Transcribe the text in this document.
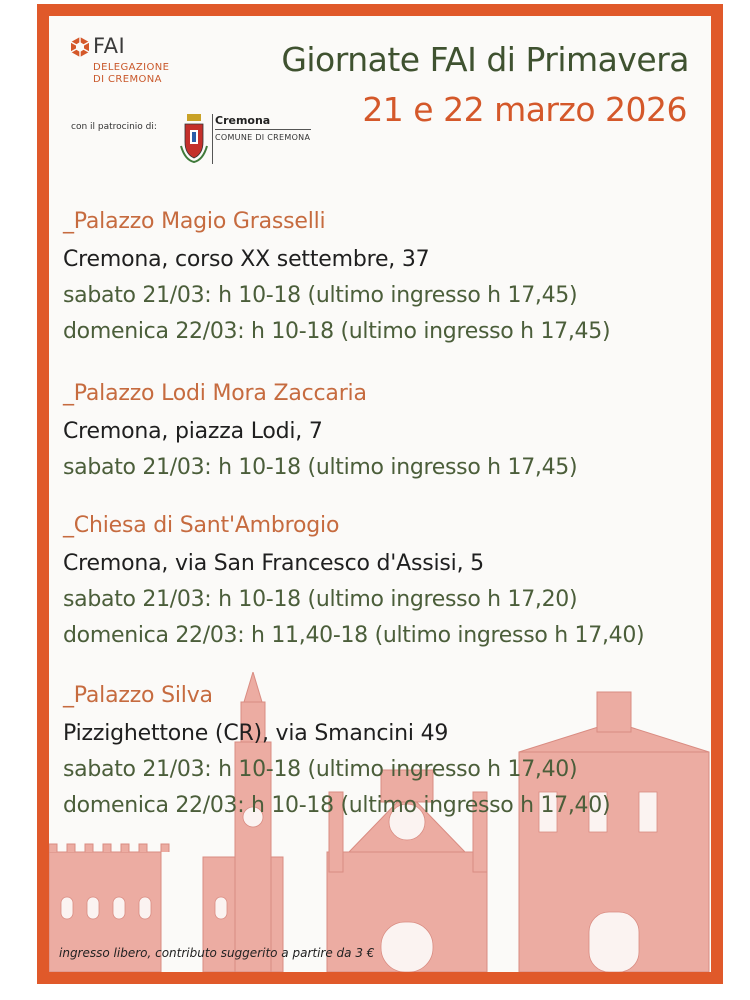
FAI
DELEGAZIONE
DI CREMONA
con il patrocinio di:	Cremona
COMUNE DI CREMONA
Giornate FAI di Primavera
21 e 22 marzo 2026
_Palazzo Magio Grasselli
Cremona, corso XX settembre, 37
sabato 21/03: h 10-18 (ultimo ingresso h 17,45)
domenica 22/03: h 10-18 (ultimo ingresso h 17,45)
_Palazzo Lodi Mora Zaccaria
Cremona, piazza Lodi, 7
sabato 21/03: h 10-18 (ultimo ingresso h 17,45)
_Chiesa di Sant'Ambrogio
Cremona, via San Francesco d'Assisi, 5
sabato 21/03: h 10-18 (ultimo ingresso h 17,20)
domenica 22/03: h 11,40-18 (ultimo ingresso h 17,40)
_Palazzo Silva
Pizzighettone (CR), via Smancini 49
sabato 21/03: h 10-18 (ultimo ingresso h 17,40)
domenica 22/03: h 10-18 (ultimo ingresso h 17,40)
ingresso libero, contributo suggerito a partire da 3 €
